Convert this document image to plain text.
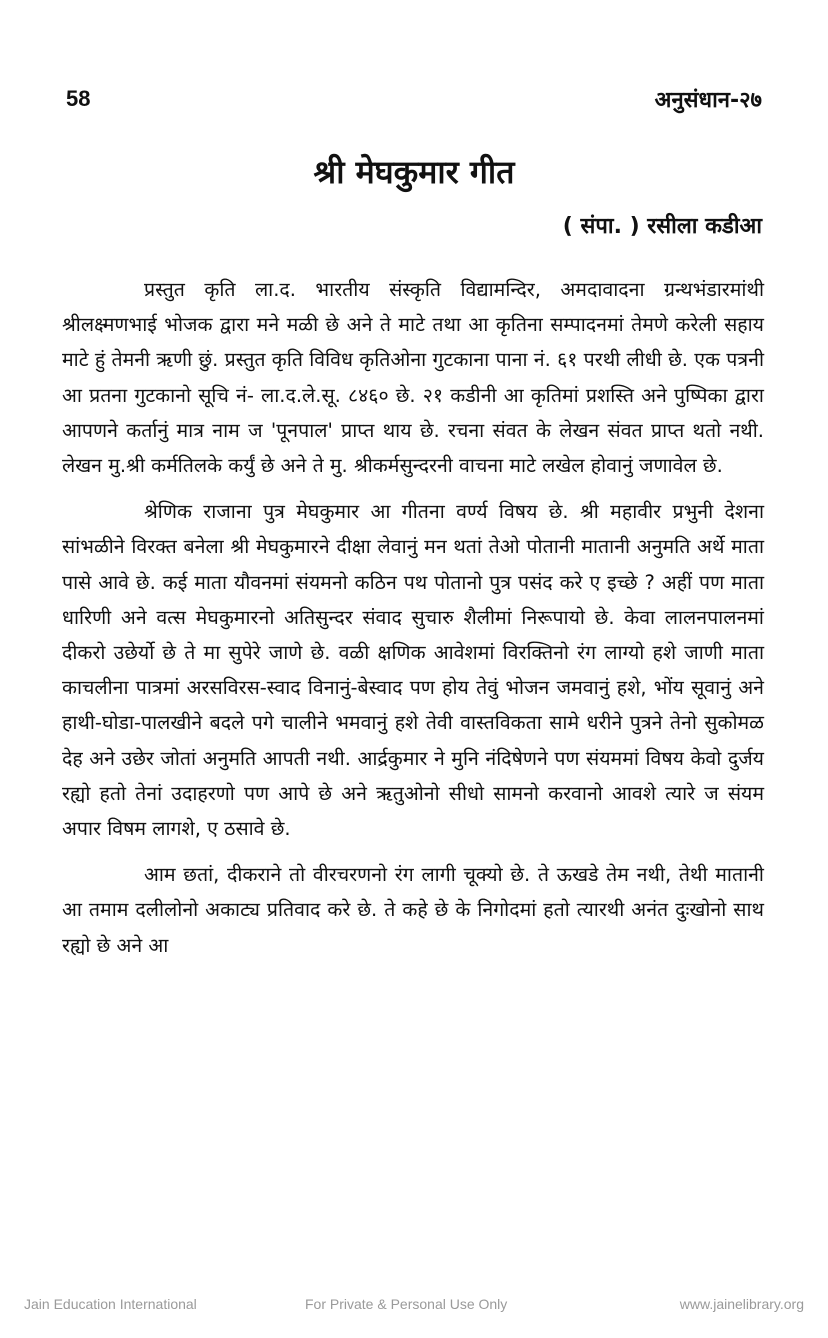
58	अनुसंधान-२७
श्री मेघकुमार गीत
( संपा. ) रसीला कडीआ

प्रस्तुत कृति ला.द. भारतीय संस्कृति विद्यामन्दिर, अमदावादना ग्रन्थभंडारमांथी श्रीलक्ष्मणभाई भोजक द्वारा मने मळी छे अने ते माटे तथा आ कृतिना सम्पादनमां तेमणे करेली सहाय माटे हुं तेमनी ऋणी छुं. प्रस्तुत कृति विविध कृतिओना गुटकाना पाना नं. ६१ परथी लीधी छे. एक पत्रनी आ प्रतना गुटकानो सूचि नं- ला.द.ले.सू. ८४६० छे. २१ कडीनी आ कृतिमां प्रशस्ति अने पुष्पिका द्वारा आपणने कर्तानुं मात्र नाम ज 'पूनपाल' प्राप्त थाय छे. रचना संवत के लेखन संवत प्राप्त थतो नथी. लेखन मु.श्री कर्मतिलके कर्युं छे अने ते मु. श्रीकर्मसुन्दरनी वाचना माटे लखेल होवानुं जणावेल छे.

श्रेणिक राजाना पुत्र मेघकुमार आ गीतना वर्ण्य विषय छे. श्री महावीर प्रभुनी देशना सांभळीने विरक्त बनेला श्री मेघकुमारने दीक्षा लेवानुं मन थतां तेओ पोतानी मातानी अनुमति अर्थे माता पासे आवे छे. कई माता यौवनमां संयमनो कठिन पथ पोतानो पुत्र पसंद करे ए इच्छे ? अहीं पण माता धारिणी अने वत्स मेघकुमारनो अतिसुन्दर संवाद सुचारु शैलीमां निरूपायो छे. केवा लालनपालनमां दीकरो उछेर्यो छे ते मा सुपेरे जाणे छे. वळी क्षणिक आवेशमां विरक्तिनो रंग लाग्यो हशे जाणी माता काचलीना पात्रमां अरसविरस-स्वाद विनानुं-बेस्वाद पण होय तेवुं भोजन जमवानुं हशे, भोंय सूवानुं अने हाथी-घोडा-पालखीने बदले पगे चालीने भमवानुं हशे तेवी वास्तविकता सामे धरीने पुत्रने तेनो सुकोमळ देह अने उछेर जोतां अनुमति आपती नथी. आर्द्रकुमार ने मुनि नंदिषेणने पण संयममां विषय केवो दुर्जय रह्यो हतो तेनां उदाहरणो पण आपे छे अने ऋतुओनो सीधो सामनो करवानो आवशे त्यारे ज संयम अपार विषम लागशे, ए ठसावे छे.

आम छतां, दीकराने तो वीरचरणनो रंग लागी चूक्यो छे. ते ऊखडे तेम नथी, तेथी मातानी आ तमाम दलीलोनो अकाट्य प्रतिवाद करे छे. ते कहे छे के निगोदमां हतो त्यारथी अनंत दुःखोनो साथ रह्यो छे अने आ

Jain Education International	For Private & Personal Use Only	www.jainelibrary.org
